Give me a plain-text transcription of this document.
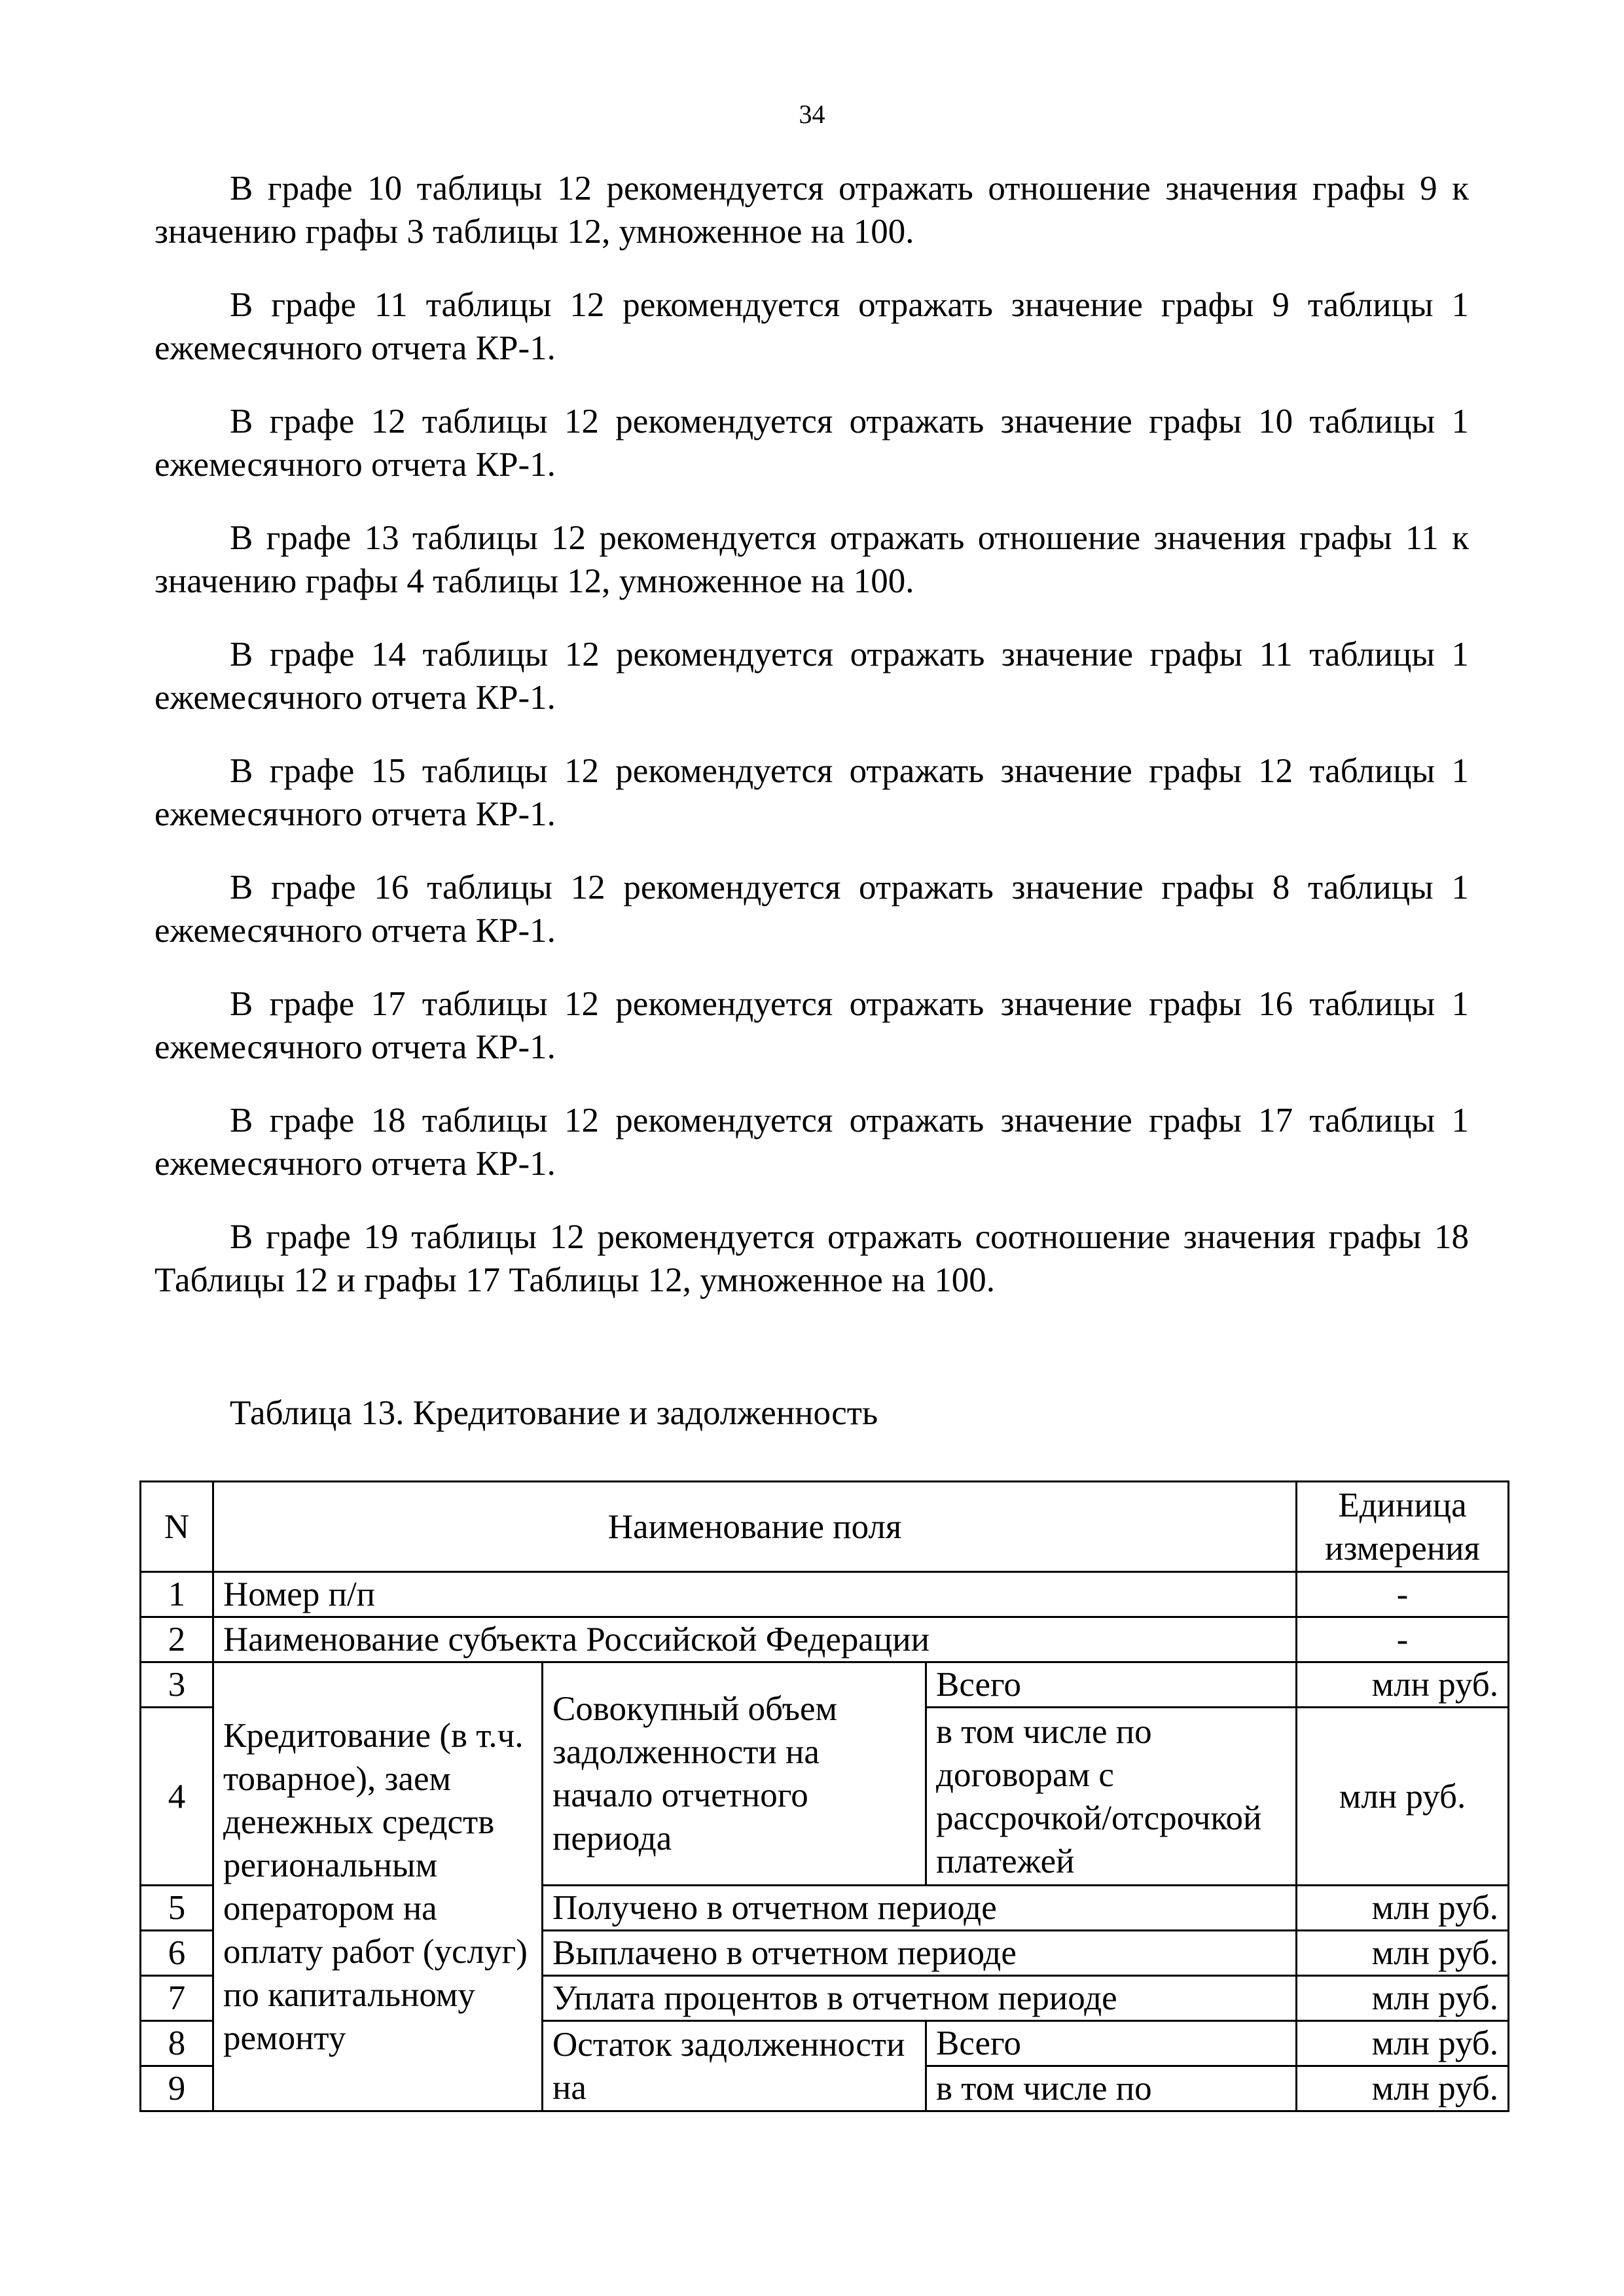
34

В графе 10 таблицы 12 рекомендуется отражать отношение значения графы 9 к значению графы 3 таблицы 12, умноженное на 100.

В графе 11 таблицы 12 рекомендуется отражать значение графы 9 таблицы 1 ежемесячного отчета КР-1.

В графе 12 таблицы 12 рекомендуется отражать значение графы 10 таблицы 1 ежемесячного отчета КР-1.

В графе 13 таблицы 12 рекомендуется отражать отношение значения графы 11 к значению графы 4 таблицы 12, умноженное на 100.

В графе 14 таблицы 12 рекомендуется отражать значение графы 11 таблицы 1 ежемесячного отчета КР-1.

В графе 15 таблицы 12 рекомендуется отражать значение графы 12 таблицы 1 ежемесячного отчета КР-1.

В графе 16 таблицы 12 рекомендуется отражать значение графы 8 таблицы 1 ежемесячного отчета КР-1.

В графе 17 таблицы 12 рекомендуется отражать значение графы 16 таблицы 1 ежемесячного отчета КР-1.

В графе 18 таблицы 12 рекомендуется отражать значение графы 17 таблицы 1 ежемесячного отчета КР-1.

В графе 19 таблицы 12 рекомендуется отражать соотношение значения графы 18 Таблицы 12 и графы 17 Таблицы 12, умноженное на 100.

Таблица 13. Кредитование и задолженность
N	Наименование поля			Единица измерения
1	Номер п/п			-
2	Наименование субъекта Российской Федерации			-
3	Кредитование (в т.ч. товарное), заем денежных средств региональным оператором на оплату работ (услуг) по капитальному ремонту	Совокупный объем задолженности на начало отчетного периода	Всего	млн руб.
4			в том числе по договорам с рассрочкой/отсрочкой платежей	млн руб.
5		Получено в отчетном периоде		млн руб.
6		Выплачено в отчетном периоде		млн руб.
7		Уплата процентов в отчетном периоде		млн руб.
8		Остаток задолженности на	Всего	млн руб.
9			в том числе по	млн руб.
